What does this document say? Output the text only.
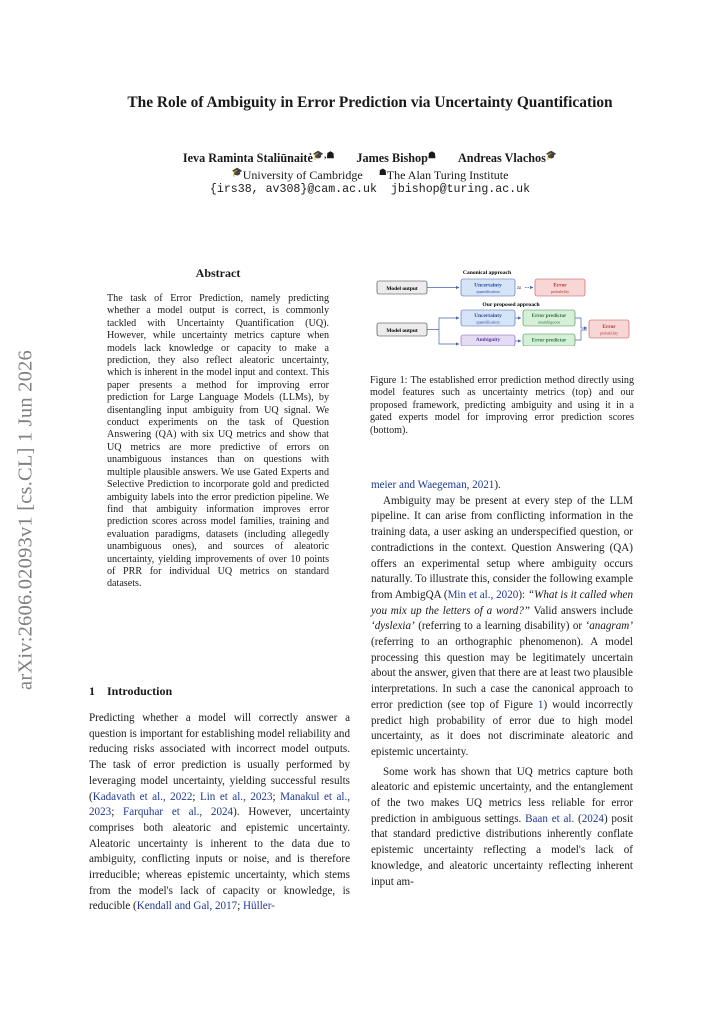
arXiv:2606.02093v1 [cs.CL] 1 Jun 2026
The Role of Ambiguity in Error Prediction via Uncertainty Quantification
Ieva Raminta Staliūnaitė🎓,☗ James Bishop☗ Andreas Vlachos🎓
🎓University of Cambridge ☗The Alan Turing Institute
{irs38, av308}@cam.ac.uk jbishop@turing.ac.uk
Abstract
The task of Error Prediction, namely predicting whether a model output is correct, is commonly tackled with Uncertainty Quantification (UQ). However, while uncertainty metrics capture when models lack knowledge or capacity to make a prediction, they also reflect aleatoric uncertainty, which is inherent in the model input and context. This paper presents a method for improving error prediction for Large Language Models (LLMs), by disentangling input ambiguity from UQ signal. We conduct experiments on the task of Question Answering (QA) with six UQ metrics and show that UQ metrics are more predictive of errors on unambiguous instances than on questions with multiple plausible answers. We use Gated Experts and Selective Prediction to incorporate gold and predicted ambiguity labels into the error prediction pipeline. We find that ambiguity information improves error prediction scores across model families, training and evaluation paradigms, datasets (including allegedly unambiguous ones), and sources of aleatoric uncertainty, yielding improvements of over 10 points of PRR for individual UQ metrics on standard datasets.
1 Introduction
Predicting whether a model will correctly answer a question is important for establishing model reliability and reducing risks associated with incorrect model outputs. The task of error prediction is usually performed by leveraging model uncertainty, yielding successful results (Kadavath et al., 2022; Lin et al., 2023; Manakul et al., 2023; Farquhar et al., 2024). However, uncertainty comprises both aleatoric and epistemic uncertainty. Aleatoric uncertainty is inherent to the data due to ambiguity, conflicting inputs or noise, and is therefore irreducible; whereas epistemic uncertainty, which stems from the model's lack of capacity or knowledge, is reducible (Kendall and Gal, 2017; Hüller-
Canonical approach
Our proposed approach
Model output
Uncertainty
quantification ≈	Error
probability
Model output
Uncertainty
quantification
Ambiguity
Error predictor
unambiguous
Error predictor
Error
probability
Figure 1: The established error prediction method directly using model features such as uncertainty metrics (top) and our proposed framework, predicting ambiguity and using it in a gated experts model for improving error prediction scores (bottom).

meier and Waegeman, 2021).

Ambiguity may be present at every step of the LLM pipeline. It can arise from conflicting information in the training data, a user asking an underspecified question, or contradictions in the context. Question Answering (QA) offers an experimental setup where ambiguity occurs naturally. To illustrate this, consider the following example from AmbigQA (Min et al., 2020): “What is it called when you mix up the letters of a word?” Valid answers include ‘dyslexia’ (referring to a learning disability) or ‘anagram’ (referring to an orthographic phenomenon). A model processing this question may be legitimately uncertain about the answer, given that there are at least two plausible interpretations. In such a case the canonical approach to error prediction (see top of Figure 1) would incorrectly predict high probability of error due to high model uncertainty, as it does not discriminate aleatoric and epistemic uncertainty.

Some work has shown that UQ metrics capture both aleatoric and epistemic uncertainty, and the entanglement of the two makes UQ metrics less reliable for error prediction in ambiguous settings. Baan et al. (2024) posit that standard predictive distributions inherently conflate epistemic uncertainty reflecting a model's lack of knowledge, and aleatoric uncertainty reflecting inherent input am-
